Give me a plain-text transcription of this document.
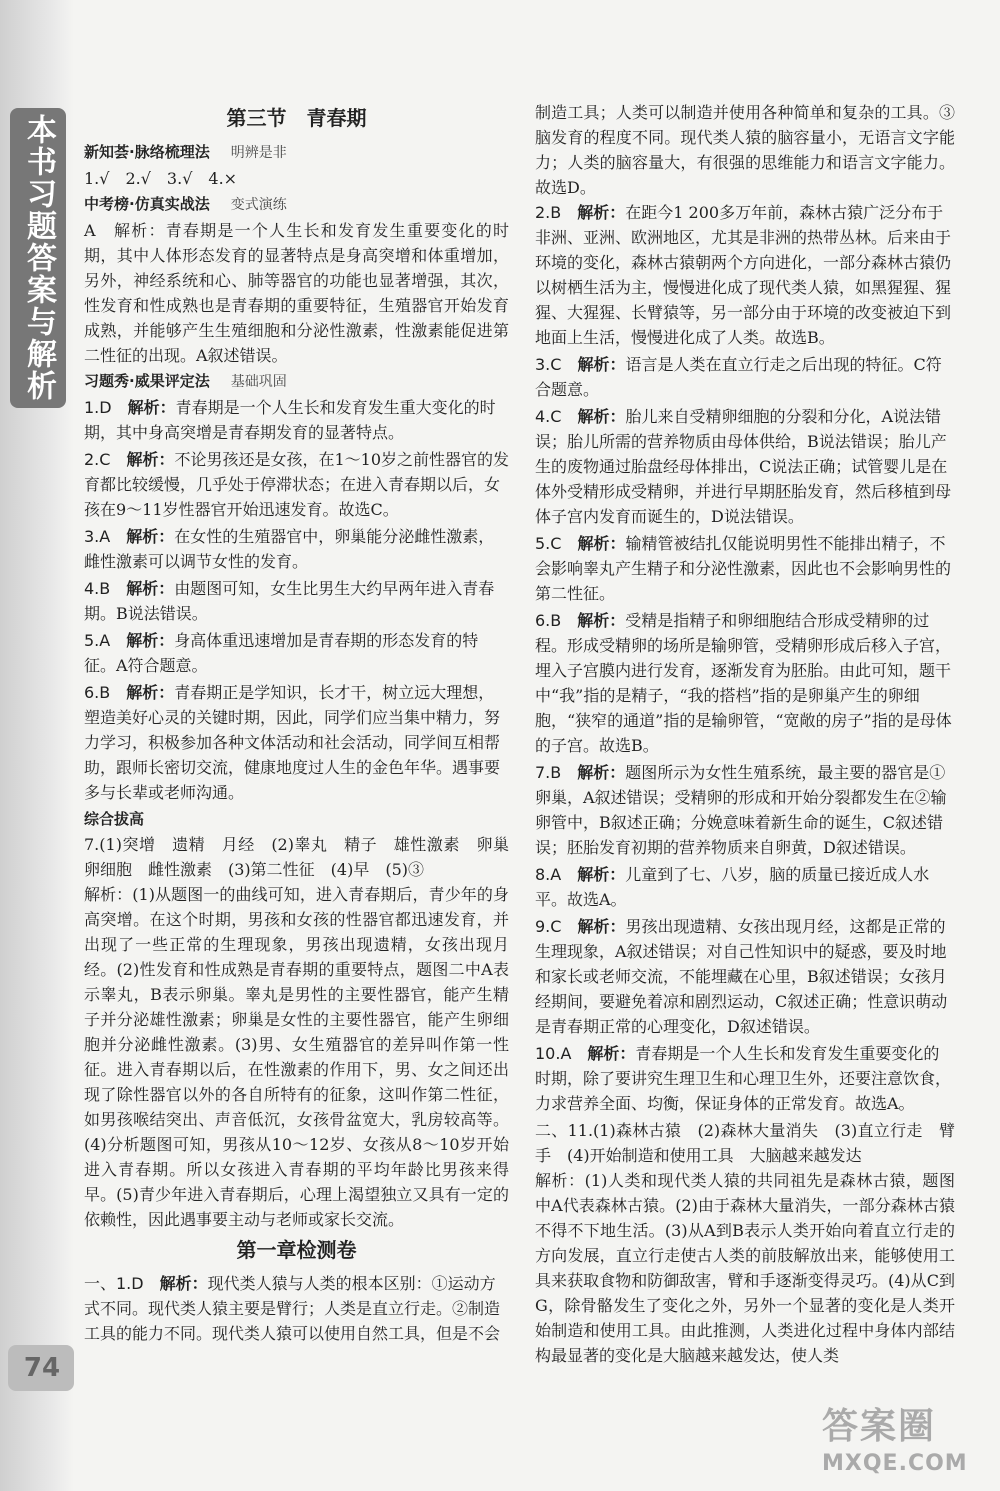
本书习题答案与解析
74
第三节　青春期
新知荟·脉络梳理法　 明辨是非

1.√　2.√　3.√　4.×

中考榜·仿真实战法　 变式演练

A　解析：青春期是一个人生长和发育发生重要变化的时期，其中人体形态发育的显著特点是身高突增和体重增加，另外，神经系统和心、肺等器官的功能也显著增强，其次，性发育和性成熟也是青春期的重要特征，生殖器官开始发育成熟，并能够产生生殖细胞和分泌性激素，性激素能促进第二性征的出现。A叙述错误。

习题秀·威果评定法　 基础巩固
1.D　 解析：青春期是一个人生长和发育发生重大变化的时期，其中身高突增是青春期发育的显著特点。
2.C　 解析：不论男孩还是女孩，在1～10岁之前性器官的发育都比较缓慢，几乎处于停滞状态；在进入青春期以后，女孩在9～11岁性器官开始迅速发育。故选C。
3.A　 解析：在女性的生殖器官中，卵巢能分泌雌性激素，雌性激素可以调节女性的发育。
4.B　 解析：由题图可知，女生比男生大约早两年进入青春期。B说法错误。
5.A　 解析：身高体重迅速增加是青春期的形态发育的特征。A符合题意。
6.B　 解析：青春期正是学知识，长才干，树立远大理想，塑造美好心灵的关键时期，因此，同学们应当集中精力，努力学习，积极参加各种文体活动和社会活动，同学间互相帮助，跟师长密切交流，健康地度过人生的金色年华。遇事要多与长辈或老师沟通。
综合拔高

7.(1)突增　遗精　月经　(2)睾丸　精子　雄性激素　卵巢　卵细胞　雌性激素　(3)第二性征　(4)早　(5)③

解析：(1)从题图一的曲线可知，进入青春期后，青少年的身高突增。在这个时期，男孩和女孩的性器官都迅速发育，并出现了一些正常的生理现象，男孩出现遗精，女孩出现月经。(2)性发育和性成熟是青春期的重要特点，题图二中A表示睾丸，B表示卵巢。睾丸是男性的主要性器官，能产生精子并分泌雄性激素；卵巢是女性的主要性器官，能产生卵细胞并分泌雌性激素。(3)男、女生殖器官的差异叫作第一性征。进入青春期以后，在性激素的作用下，男、女之间还出现了除性器官以外的各自所特有的征象，这叫作第二性征，如男孩喉结突出、声音低沉，女孩骨盆宽大，乳房较高等。(4)分析题图可知，男孩从10～12岁、女孩从8～10岁开始进入青春期。所以女孩进入青春期的平均年龄比男孩来得早。(5)青少年进入青春期后，心理上渴望独立又具有一定的依赖性，因此遇事要主动与老师或家长交流。

第一章检测卷
一、1.D　 解析：现代类人猿与人类的根本区别：①运动方式不同。现代类人猿主要是臂行；人类是直立行走。②制造工具的能力不同。现代类人猿可以使用自然工具，但是不会

制造工具；人类可以制造并使用各种简单和复杂的工具。③脑发育的程度不同。现代类人猿的脑容量小，无语言文字能力；人类的脑容量大，有很强的思维能力和语言文字能力。故选D。

2.B　 解析：在距今1 200多万年前，森林古猿广泛分布于非洲、亚洲、欧洲地区，尤其是非洲的热带丛林。后来由于环境的变化，森林古猿朝两个方向进化，一部分森林古猿仍以树栖生活为主，慢慢进化成了现代类人猿，如黑猩猩、猩猩、大猩猩、长臂猿等，另一部分由于环境的改变被迫下到地面上生活，慢慢进化成了人类。故选B。
3.C　 解析：语言是人类在直立行走之后出现的特征。C符合题意。
4.C　 解析：胎儿来自受精卵细胞的分裂和分化，A说法错误；胎儿所需的营养物质由母体供给，B说法错误；胎儿产生的废物通过胎盘经母体排出，C说法正确；试管婴儿是在体外受精形成受精卵，并进行早期胚胎发育，然后移植到母体子宫内发育而诞生的，D说法错误。
5.C　 解析：输精管被结扎仅能说明男性不能排出精子，不会影响睾丸产生精子和分泌性激素，因此也不会影响男性的第二性征。
6.B　 解析：受精是指精子和卵细胞结合形成受精卵的过程。形成受精卵的场所是输卵管，受精卵形成后移入子宫，埋入子宫膜内进行发育，逐渐发育为胚胎。由此可知，题干中“我”指的是精子，“我的搭档”指的是卵巢产生的卵细胞，“狭窄的通道”指的是输卵管，“宽敞的房子”指的是母体的子宫。故选B。
7.B　 解析：题图所示为女性生殖系统，最主要的器官是①卵巢，A叙述错误；受精卵的形成和开始分裂都发生在②输卵管中，B叙述正确；分娩意味着新生命的诞生，C叙述错误；胚胎发育初期的营养物质来自卵黄，D叙述错误。
8.A　 解析：儿童到了七、八岁，脑的质量已接近成人水平。故选A。
9.C　 解析：男孩出现遗精、女孩出现月经，这都是正常的生理现象，A叙述错误；对自己性知识中的疑惑，要及时地和家长或老师交流，不能埋藏在心里，B叙述错误；女孩月经期间，要避免着凉和剧烈运动，C叙述正确；性意识萌动是青春期正常的心理变化，D叙述错误。
10.A　 解析：青春期是一个人生长和发育发生重要变化的时期，除了要讲究生理卫生和心理卫生外，还要注意饮食，力求营养全面、均衡，保证身体的正常发育。故选A。

二、11.(1)森林古猿　(2)森林大量消失　(3)直立行走　臂　手　(4)开始制造和使用工具　大脑越来越发达

解析：(1)人类和现代类人猿的共同祖先是森林古猿，题图中A代表森林古猿。(2)由于森林大量消失，一部分森林古猿不得不下地生活。(3)从A到B表示人类开始向着直立行走的方向发展，直立行走使古人类的前肢解放出来，能够使用工具来获取食物和防御敌害，臂和手逐渐变得灵巧。(4)从C到G，除骨骼发生了变化之外，另外一个显著的变化是人类开始制造和使用工具。由此推测，人类进化过程中身体内部结构最显著的变化是大脑越来越发达，使人类

答案圈
MXQE.COM
